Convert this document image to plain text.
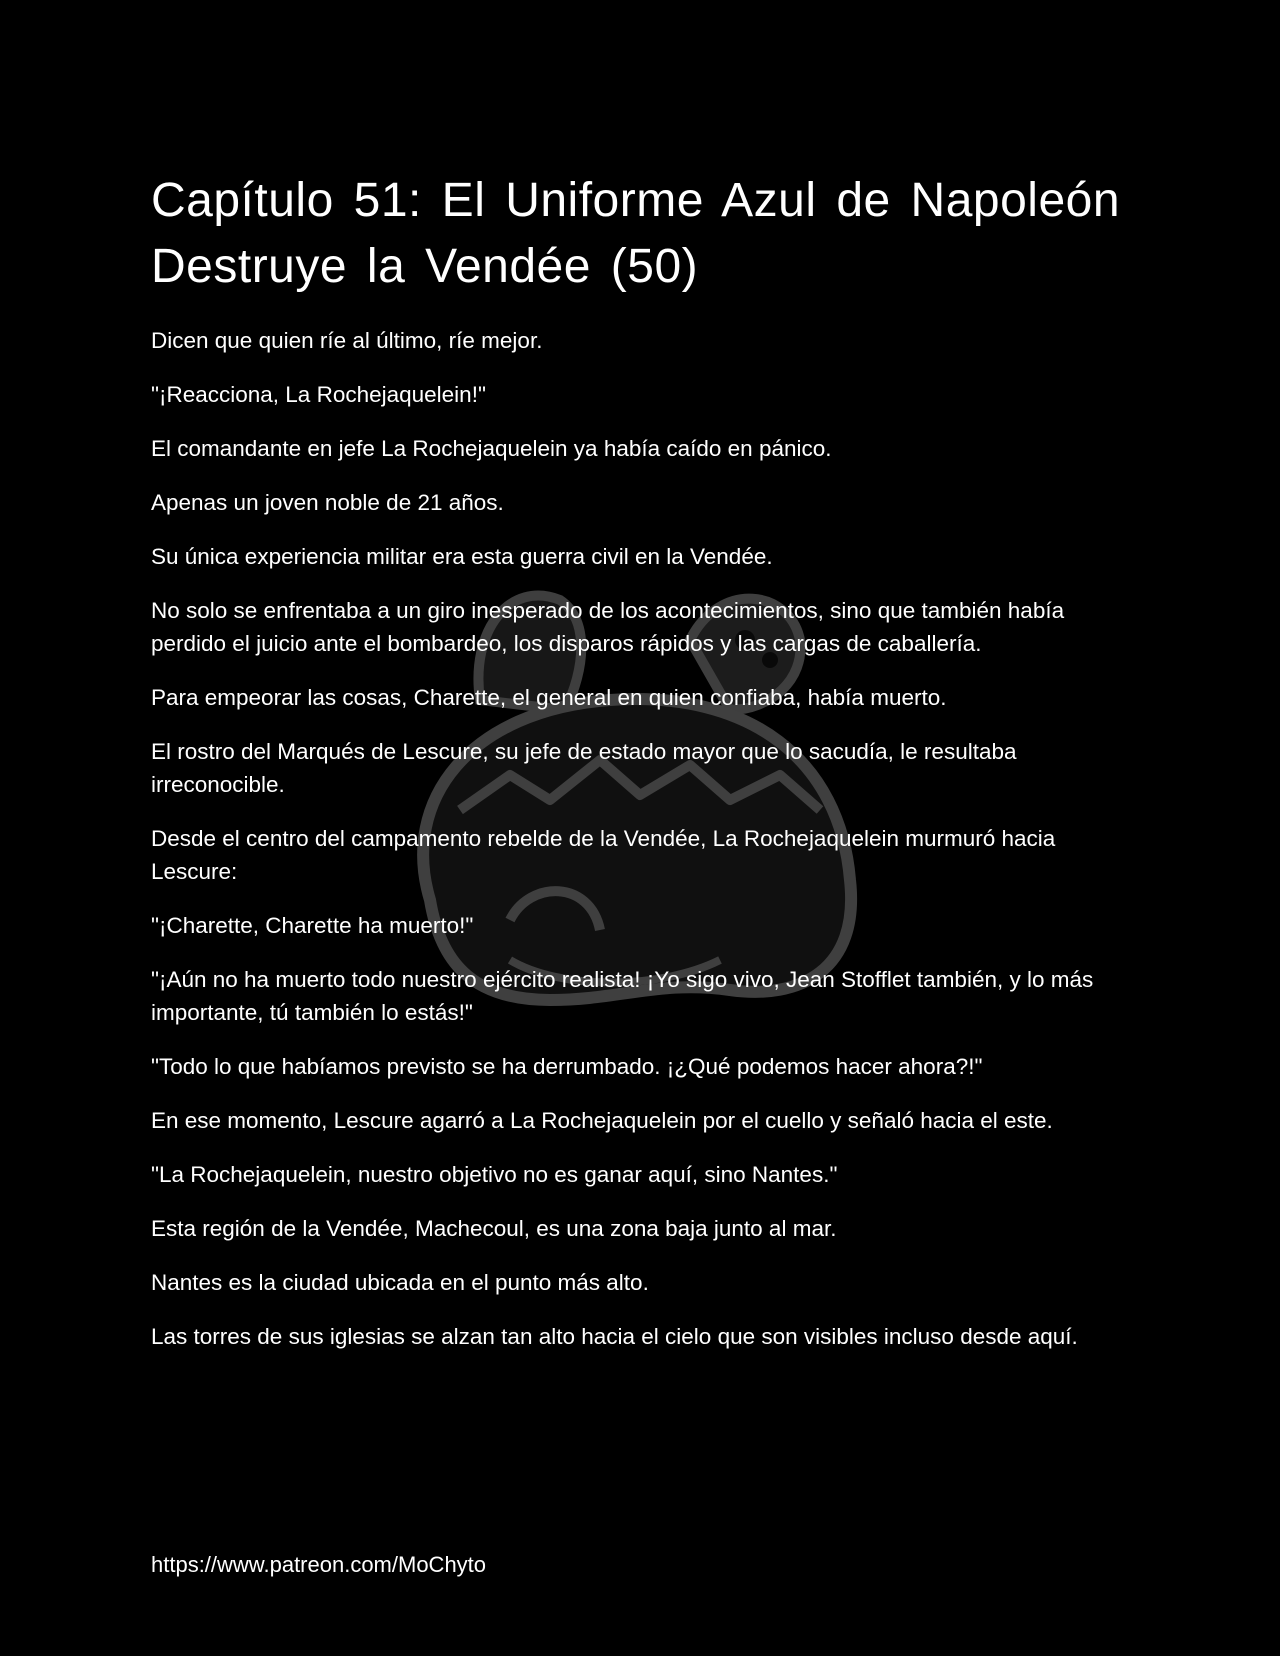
Capítulo 51: El Uniforme Azul de Napoleón Destruye la Vendée (50)

Dicen que quien ríe al último, ríe mejor.

"¡Reacciona, La Rochejaquelein!"

El comandante en jefe La Rochejaquelein ya había caído en pánico.

Apenas un joven noble de 21 años.

Su única experiencia militar era esta guerra civil en la Vendée.

No solo se enfrentaba a un giro inesperado de los acontecimientos, sino que también había perdido el juicio ante el bombardeo, los disparos rápidos y las cargas de caballería.

Para empeorar las cosas, Charette, el general en quien confiaba, había muerto.

El rostro del Marqués de Lescure, su jefe de estado mayor que lo sacudía, le resultaba irreconocible.

Desde el centro del campamento rebelde de la Vendée, La Rochejaquelein murmuró hacia Lescure:

"¡Charette, Charette ha muerto!"

"¡Aún no ha muerto todo nuestro ejército realista! ¡Yo sigo vivo, Jean Stofflet también, y lo más importante, tú también lo estás!"

"Todo lo que habíamos previsto se ha derrumbado. ¡¿Qué podemos hacer ahora?!"

En ese momento, Lescure agarró a La Rochejaquelein por el cuello y señaló hacia el este.

"La Rochejaquelein, nuestro objetivo no es ganar aquí, sino Nantes."

Esta región de la Vendée, Machecoul, es una zona baja junto al mar.

Nantes es la ciudad ubicada en el punto más alto.

Las torres de sus iglesias se alzan tan alto hacia el cielo que son visibles incluso desde aquí.

https://www.patreon.com/MoChyto
